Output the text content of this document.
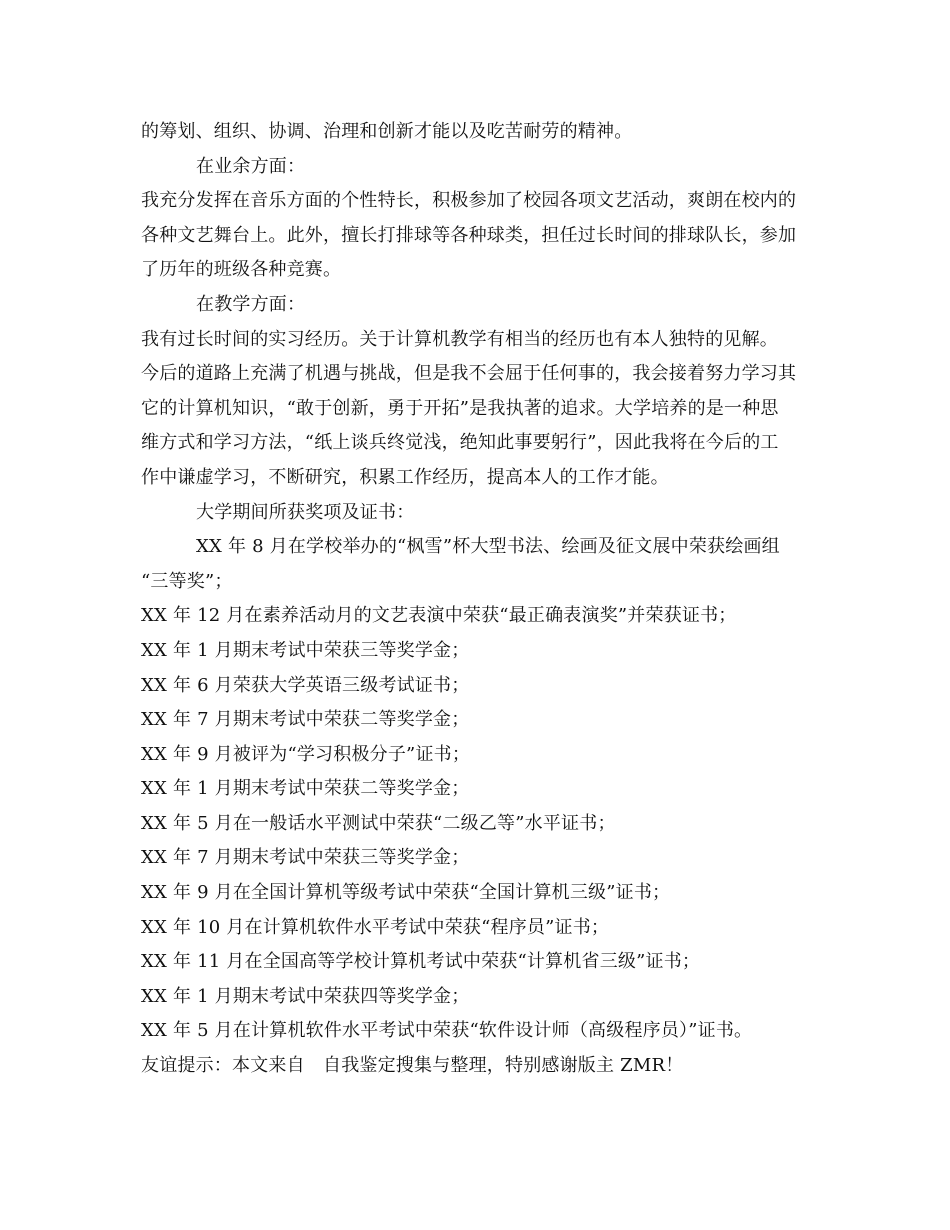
的筹划、组织、协调、治理和创新才能以及吃苦耐劳的精神。
在业余方面：
我充分发挥在音乐方面的个性特长，积极参加了校园各项文艺活动，爽朗在校内的
各种文艺舞台上。此外，擅长打排球等各种球类，担任过长时间的排球队长，参加
了历年的班级各种竞赛。
在教学方面：
我有过长时间的实习经历。关于计算机教学有相当的经历也有本人独特的见解。
今后的道路上充满了机遇与挑战，但是我不会屈于任何事的，我会接着努力学习其
它的计算机知识，“敢于创新，勇于开拓”是我执著的追求。大学培养的是一种思
维方式和学习方法，“纸上谈兵终觉浅，绝知此事要躬行”，因此我将在今后的工
作中谦虚学习，不断研究，积累工作经历，提高本人的工作才能。
大学期间所获奖项及证书：
XX 年 8 月在学校举办的“枫雪”杯大型书法、绘画及征文展中荣获绘画组
“三等奖”；
XX 年 12 月在素养活动月的文艺表演中荣获“最正确表演奖”并荣获证书；
XX 年 1 月期末考试中荣获三等奖学金；
XX 年 6 月荣获大学英语三级考试证书；
XX 年 7 月期末考试中荣获二等奖学金；
XX 年 9 月被评为“学习积极分子”证书；
XX 年 1 月期末考试中荣获二等奖学金；
XX 年 5 月在一般话水平测试中荣获“二级乙等”水平证书；
XX 年 7 月期末考试中荣获三等奖学金；
XX 年 9 月在全国计算机等级考试中荣获“全国计算机三级”证书；
XX 年 10 月在计算机软件水平考试中荣获“程序员”证书；
XX 年 11 月在全国高等学校计算机考试中荣获“计算机省三级”证书；
XX 年 1 月期末考试中荣获四等奖学金；
XX 年 5 月在计算机软件水平考试中荣获“软件设计师（高级程序员）”证书。
友谊提示：本文来自　自我鉴定搜集与整理，特别感谢版主 ZMR！
